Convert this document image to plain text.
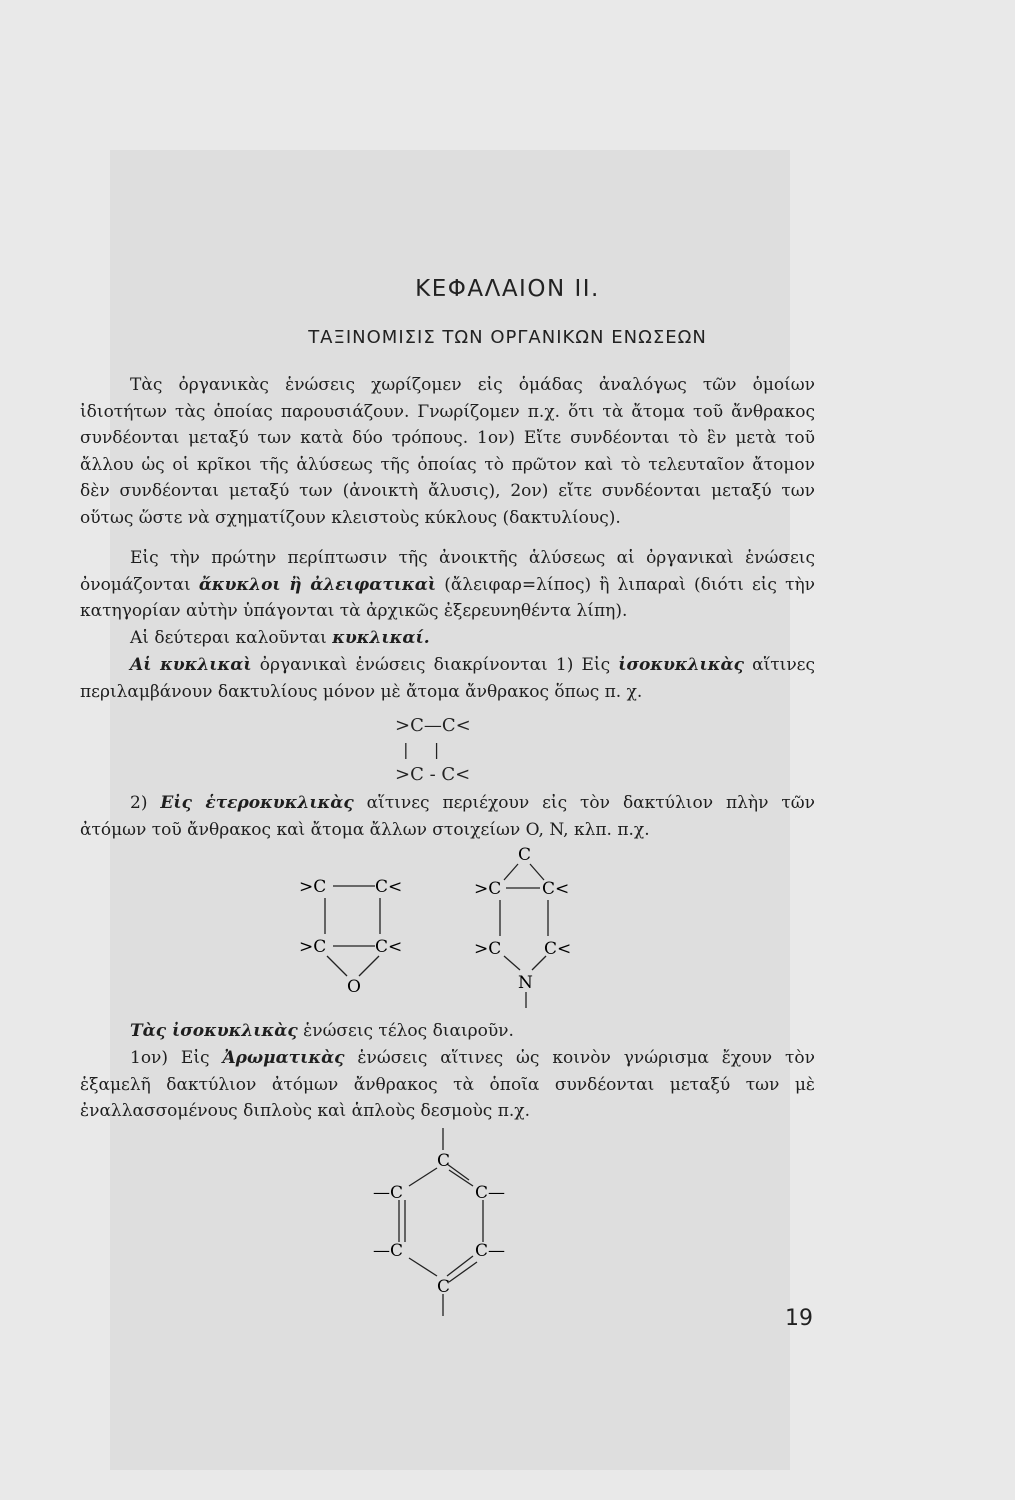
ΚΕΦΑΛΑΙΟΝ ΙΙ.
ΤΑΞΙΝΟΜΙΣΙΣ ΤΩΝ ΟΡΓΑΝΙΚΩΝ ΕΝΩΣΕΩΝ

Τὰς ὀργανικὰς ἑνώσεις χωρίζομεν εἰς ὁμάδας ἀναλόγως τῶν ὁμοίων ἰδιοτήτων τὰς ὁποίας παρουσιάζουν. Γνωρίζομεν π.χ. ὅτι τὰ ἄτομα τοῦ ἄνθρακος συνδέονται μεταξύ των κατὰ δύο τρόπους. 1ον) Εἴτε συνδέονται τὸ ἓν μετὰ τοῦ ἄλλου ὡς οἱ κρῖκοι τῆς ἁλύσεως τῆς ὁποίας τὸ πρῶτον καὶ τὸ τελευταῖον ἄτομον δὲν συνδέονται μεταξύ των (ἀνοικτὴ ἄλυσις), 2ον) εἴτε συνδέονται μεταξύ των οὕτως ὥστε νὰ σχηματίζουν κλειστοὺς κύκλους (δακτυλίους).

Εἰς τὴν πρώτην περίπτωσιν τῆς ἀνοικτῆς ἁλύσεως αἱ ὀργανικαὶ ἑνώσεις ὀνομάζονται ἄκυκλοι ἢ ἀλειφατικαὶ (ἄλειφαρ=λίπος) ἢ λιπαραὶ (διότι εἰς τὴν κατηγορίαν αὐτὴν ὑπάγονται τὰ ἀρχικῶς ἐξερευνηθέντα λίπη).

Αἱ δεύτεραι καλοῦνται κυκλικαί.

Αἱ κυκλικαὶ ὀργανικαὶ ἑνώσεις διακρίνονται 1) Εἰς ἰσοκυκλικὰς αἵτινες περιλαμβάνουν δακτυλίους μόνον μὲ ἄτομα ἄνθρακος ὅπως π. χ.

>C—C<
|     |
>C - C<

2) Εἰς ἑτεροκυκλικὰς αἵτινες περιέχουν εἰς τὸν δακτύλιον πλὴν τῶν ἀτόμων τοῦ ἄνθρακος καὶ ἄτομα ἄλλων στοιχείων O, N, κλπ. π.χ.

>C	C<
>C	C<
O
C
>C C<
>C	C<
N

Τὰς ἰσοκυκλικὰς ἑνώσεις τέλος διαιροῦν.

1ον) Εἰς Ἀρωματικὰς ἑνώσεις αἵτινες ὡς κοινὸν γνώρισμα ἔχουν τὸν ἑξαμελῆ δακτύλιον ἀτόμων ἄνθρακος τὰ ὁποῖα συνδέονται μεταξύ των μὲ ἐναλλασσομένους διπλοὺς καὶ ἁπλοὺς δεσμοὺς π.χ.

C
—C	C—
—C	C—
C
19
